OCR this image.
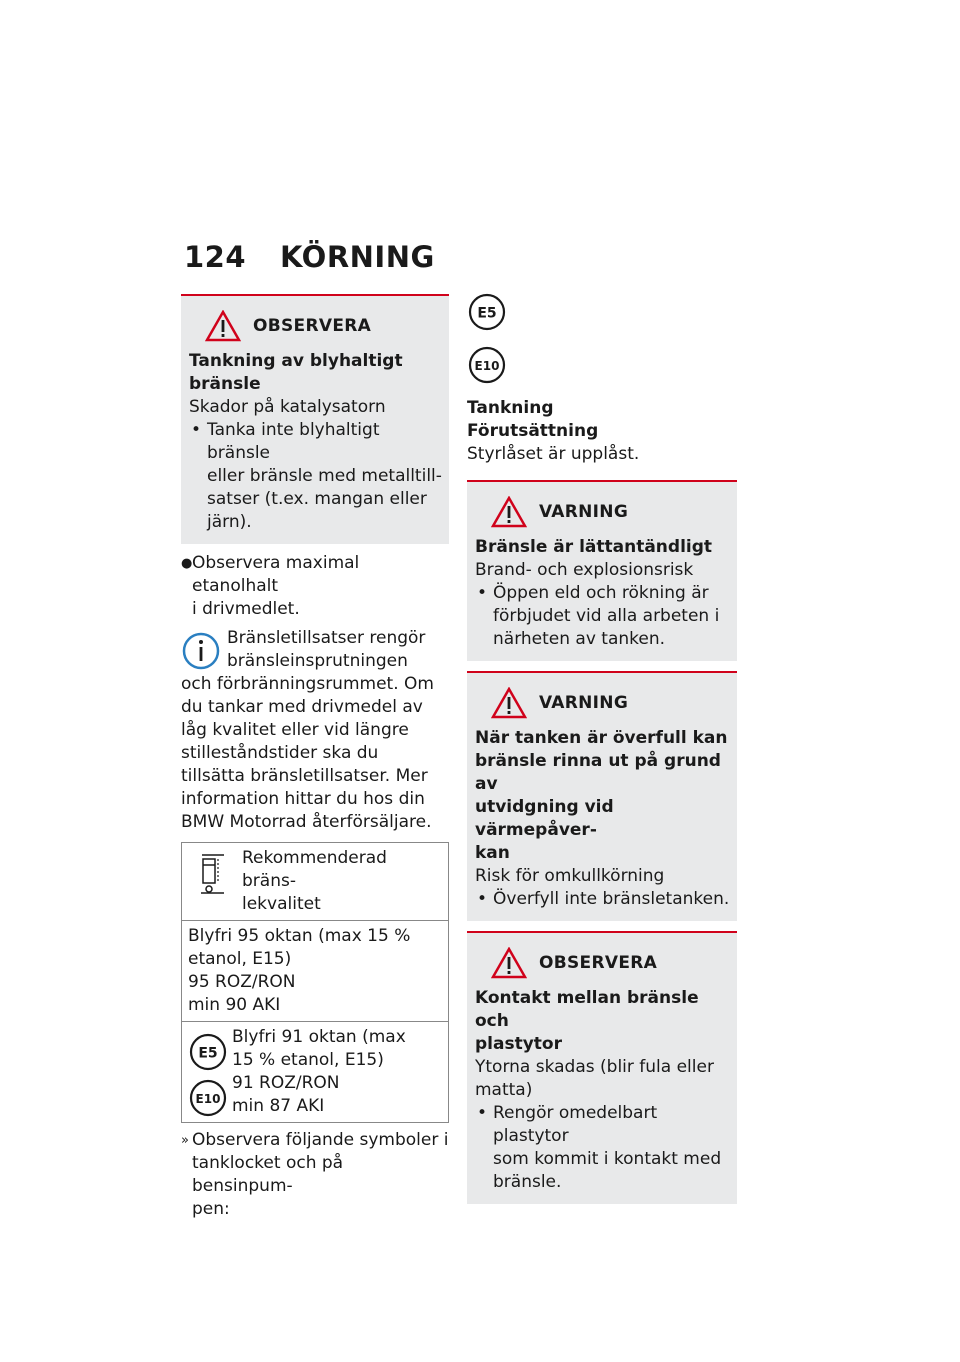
124 KÖRNING
OBSERVERA
Tankning av blyhaltigt
bränsle
Skador på katalysatorn
• Tanka inte blyhaltigt bränsle
eller bränsle med metalltill-
satser (t.ex. mangan eller
järn).
● Observera maximal etanolhalt
i drivmedlet.
Bränsletillsatser rengör
bränsleinsprutningen
och förbränningsrummet. Om
du tankar med drivmedel av
låg kvalitet eller vid längre
stilleståndstider ska du
tillsätta bränsletillsatser. Mer
information hittar du hos din
BMW Motorrad återförsäljare.
Rekommenderad bräns-
lekvalitet
Blyfri 95 oktan (max 15 %
etanol, E15)
95 ROZ/RON
min 90 AKI
E5
E10
Blyfri 91 oktan (max
15 % etanol, E15)
91 ROZ/RON
min 87 AKI
» Observera följande symboler i
tanklocket och på bensinpum-
pen:
E5
E10
Tankning
Förutsättning
Styrlåset är upplåst.
VARNING
Bränsle är lättantändligt
Brand- och explosionsrisk
• Öppen eld och rökning är
förbjudet vid alla arbeten i
närheten av tanken.
VARNING
När tanken är överfull kan
bränsle rinna ut på grund av
utvidgning vid värmepåver-
kan
Risk för omkullkörning
• Överfyll inte bränsletanken.
OBSERVERA
Kontakt mellan bränsle och
plastytor
Ytorna skadas (blir fula eller
matta)
• Rengör omedelbart plastytor
som kommit i kontakt med
bränsle.
